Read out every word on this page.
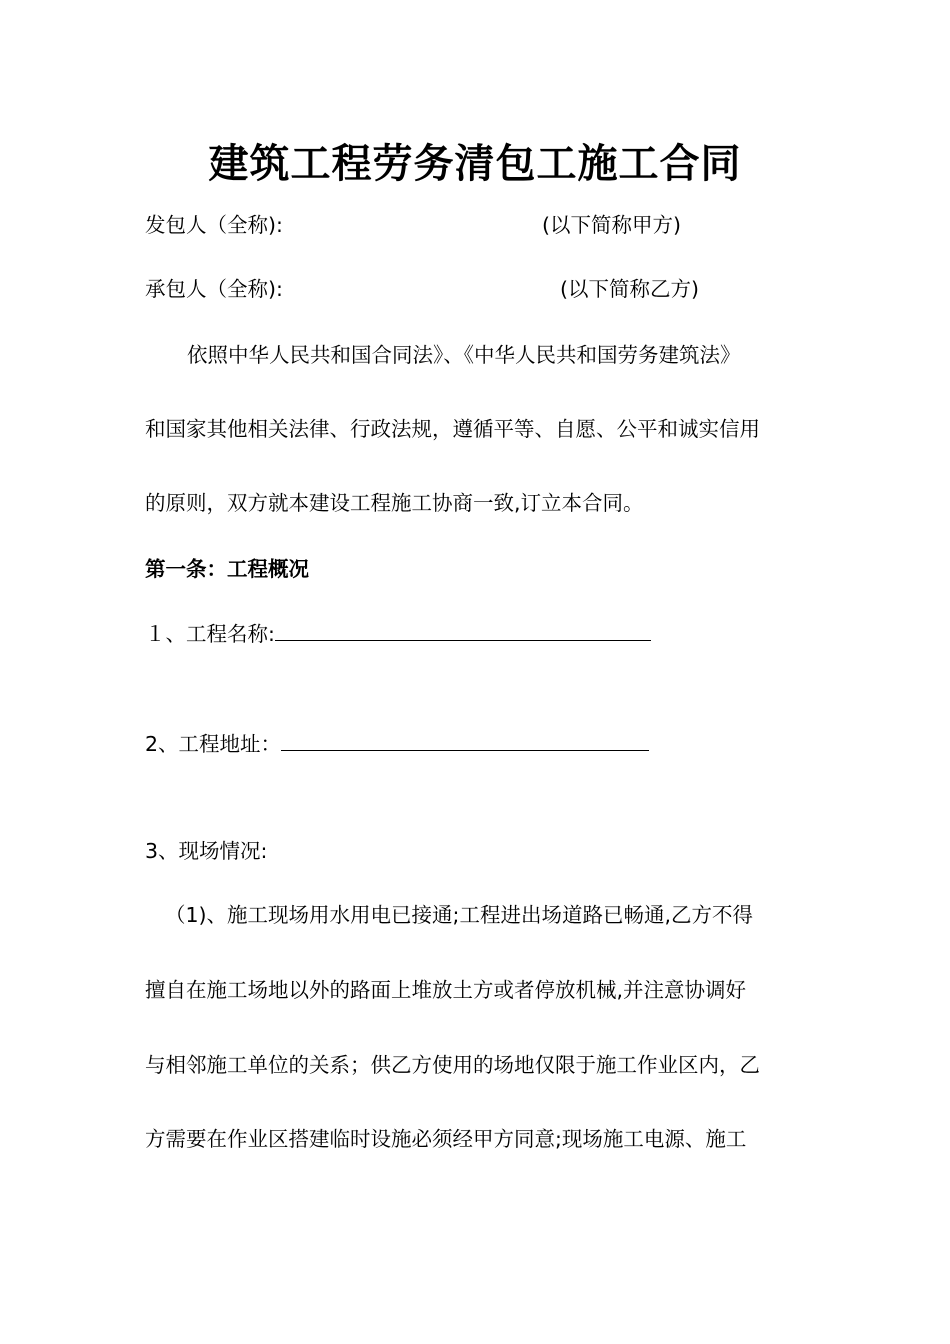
建筑工程劳务清包工施工合同
发包人（全称):	(以下简称甲方)
承包人（全称):	(以下简称乙方)
依照中华人民共和国合同法》、《中华人民共和国劳务建筑法》
和国家其他相关法律、行政法规，遵循平等、自愿、公平和诚实信用
的原则，双方就本建设工程施工协商一致,订立本合同。
第一条：工程概况
１、工程名称:
2、工程地址：
3、现场情况:
（1)、施工现场用水用电已接通;工程进出场道路已畅通,乙方不得
擅自在施工场地以外的路面上堆放土方或者停放机械,并注意协调好
与相邻施工单位的关系；供乙方使用的场地仅限于施工作业区内，乙
方需要在作业区搭建临时设施必须经甲方同意;现场施工电源、施工
